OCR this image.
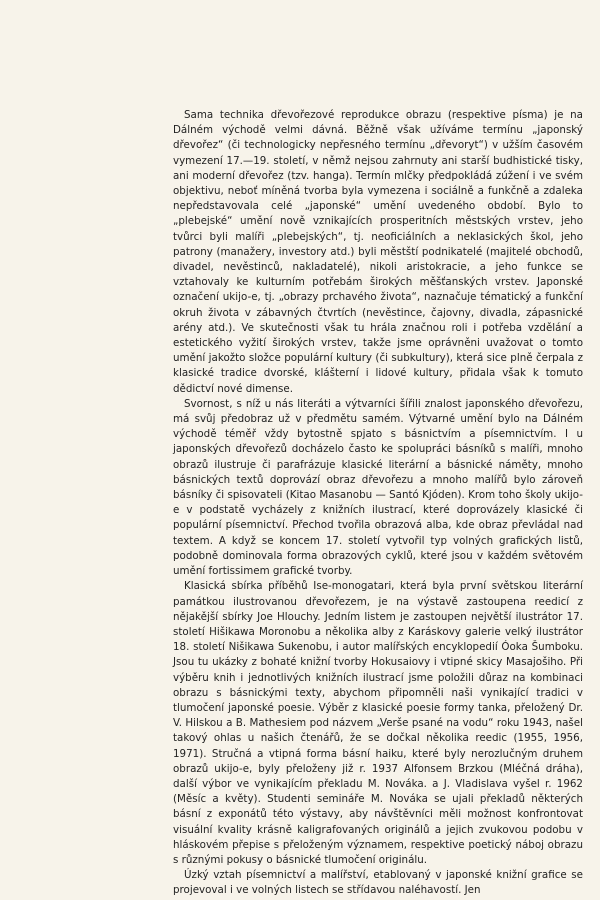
Sama technika dřevořezové reprodukce obrazu (respektive písma) je na Dálném východě velmi dávná. Běžně však užíváme termínu „japonský dřevořez“ (či technologicky nepřesného termínu „dřevoryt“) v užším časovém vymezení 17.—19. století, v němž nejsou zahrnuty ani starší budhistické tisky, ani moderní dřevořez (tzv. hanga). Termín mlčky předpokládá zúžení i ve svém objektivu, neboť míněná tvorba byla vymezena i sociálně a funkčně a zdaleka nepředstavovala celé „japonské“ umění uvedeného období. Bylo to „plebejské“ umění nově vznikajících prosperitních městských vrstev, jeho tvůrci byli malíři „plebejských“, tj. neoficiálních a neklasických škol, jeho patrony (manažery, investory atd.) byli městští podnikatelé (majitelé obchodů, divadel, nevěstinců, nakladatelé), nikoli aristokracie, a jeho funkce se vztahovaly ke kulturním potřebám širokých měšťanských vrstev. Japonské označení ukijo-e, tj. „obrazy prchavého života“, naznačuje tématický a funkční okruh života v zábavných čtvrtích (nevěstince, čajovny, divadla, zápasnické arény atd.). Ve skutečnosti však tu hrála značnou roli i potřeba vzdělání a estetického vyžití širokých vrstev, takže jsme oprávněni uvažovat o tomto umění jakožto složce populární kultury (či subkultury), která sice plně čerpala z klasické tradice dvorské, klášterní i lidové kultury, přidala však k tomuto dědictví nové dimense.

Svornost, s níž u nás literáti a výtvarníci šířili znalost japonského dřevořezu, má svůj předobraz už v předmětu samém. Výtvarné umění bylo na Dálném východě téměř vždy bytostně spjato s básnictvím a písemnictvím. I u japonských dřevořezů docházelo často ke spolupráci básníků s malíři, mnoho obrazů ilustruje či parafrázuje klasické literární a básnické náměty, mnoho básnických textů doprovází obraz dřevořezu a mnoho malířů bylo zároveň básníky či spisovateli (Kitao Masanobu — Santó Kjóden). Krom toho školy ukijo-e v podstatě vycházely z knižních ilustrací, které doprovázely klasické či populární písemnictví. Přechod tvořila obrazová alba, kde obraz převládal nad textem. A když se koncem 17. století vytvořil typ volných grafických listů, podobně dominovala forma obrazových cyklů, které jsou v každém světovém umění fortissimem grafické tvorby.

Klasická sbírka příběhů Ise-monogatari, která byla první světskou literární památkou ilustrovanou dřevořezem, je na výstavě zastoupena reedicí z nějakější sbírky Joe Hlouchy. Jedním listem je zastoupen největší ilustrátor 17. století Hišikawa Moronobu a několika alby z Karáskovy galerie velký ilustrátor 18. století Nišikawa Sukenobu, i autor malířských encyklopedií Óoka Šumboku. Jsou tu ukázky z bohaté knižní tvorby Hokusaiovy i vtipné skicy Masajošiho. Při výběru knih i jednotlivých knižních ilustrací jsme položili důraz na kombinaci obrazu s básnickými texty, abychom připomněli naši vynikající tradici v tlumočení japonské poesie. Výběr z klasické poesie formy tanka, přeložený Dr. V. Hilskou a B. Mathesiem pod názvem „Verše psané na vodu“ roku 1943, našel takový ohlas u našich čtenářů, že se dočkal několika reedic (1955, 1956, 1971). Stručná a vtipná forma básní haiku, které byly nerozlučným druhem obrazů ukijo-e, byly přeloženy již r. 1937 Alfonsem Brzkou (Mléčná dráha), další výbor ve vynikajícím překladu M. Nováka. a J. Vladislava vyšel r. 1962 (Měsíc a květy). Studenti semináře M. Nováka se ujali překladů některých básní z exponátů této výstavy, aby návštěvníci měli možnost konfrontovat visuální kvality krásně kaligrafovaných originálů a jejich zvukovou podobu v hláskovém přepise s přeloženým významem, respektive poetický náboj obrazu s různými pokusy o básnické tlumočení originálu.

Úzký vztah písemnictví a malířství, etablovaný v japonské knižní grafice se projevoval i ve volných listech se střídavou naléhavostí. Jen
